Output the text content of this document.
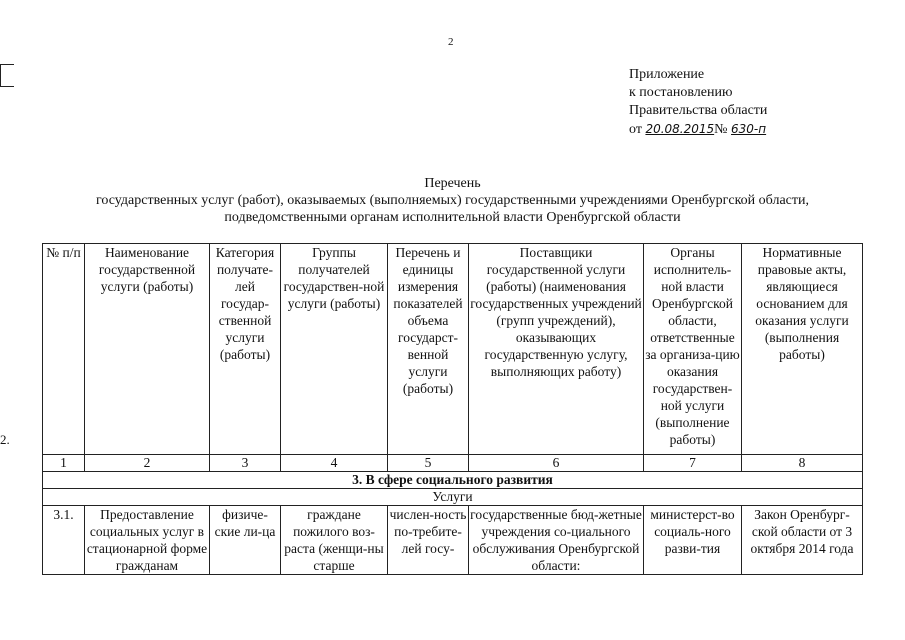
2.
2
Приложение
к постановлению
Правительства области
от 20.08.2015№ 630-п
Перечень
государственных услуг (работ), оказываемых (выполняемых) государственными учреждениями Оренбургской области,
подведомственными органам исполнительной власти Оренбургской области
№ п/п	Наименование государственной услуги (работы)	Категория получате-лей государ-ственной услуги (работы)	Группы получателей государствен-ной услуги (работы)	Перечень и единицы измерения показателей объема государст-венной услуги (работы)	Поставщики государственной услуги (работы) (наименования государственных учреждений (групп учреждений), оказывающих государственную услугу, выполняющих работу)	Органы исполнитель-ной власти Оренбургской области, ответственные за организа-цию оказания государствен-ной услуги (выполнение работы)	Нормативные правовые акты, являющиеся основанием для оказания услуги (выполнения работы)
1	2	3	4	5	6	7	8
3. В сфере социального развития							
Услуги							
3.1.	Предоставление социальных услуг в стационарной форме гражданам	физиче-ские ли-ца	граждане пожилого воз-раста (женщи-ны старше	числен-ность по-требите-лей госу-	государственные бюд-жетные учреждения со-циального обслуживания Оренбургской области:	министерст-во социаль-ного разви-тия	Закон Оренбург-ской области от 3 октября 2014 года
